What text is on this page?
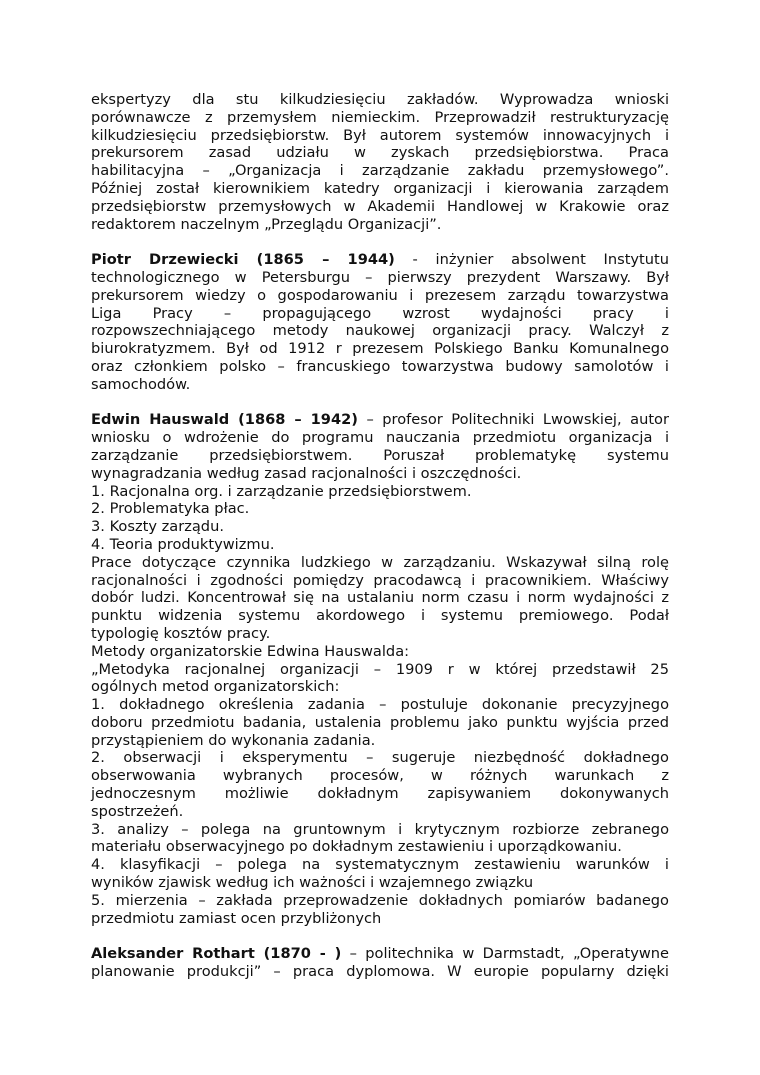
ekspertyzy dla stu kilkudziesięciu zakładów. Wyprowadza wnioski

porównawcze z przemysłem niemieckim. Przeprowadził restrukturyzację

kilkudziesięciu przedsiębiorstw. Był autorem systemów innowacyjnych i

prekursorem zasad udziału w zyskach przedsiębiorstwa. Praca

habilitacyjna – „Organizacja i zarządzanie zakładu przemysłowego”.

Później został kierownikiem katedry organizacji i kierowania zarządem

przedsiębiorstw przemysłowych w Akademii Handlowej w Krakowie oraz

redaktorem naczelnym „Przeglądu Organizacji”.

Piotr Drzewiecki (1865 – 1944) - inżynier absolwent Instytutu

technologicznego w Petersburgu – pierwszy prezydent Warszawy. Był

prekursorem wiedzy o gospodarowaniu i prezesem zarządu towarzystwa

Liga Pracy – propagującego wzrost wydajności pracy i

rozpowszechniającego metody naukowej organizacji pracy. Walczył z

biurokratyzmem. Był od 1912 r prezesem Polskiego Banku Komunalnego

oraz członkiem polsko – francuskiego towarzystwa budowy samolotów i

samochodów.

Edwin Hauswald (1868 – 1942) – profesor Politechniki Lwowskiej, autor

wniosku o wdrożenie do programu nauczania przedmiotu organizacja i

zarządzanie przedsiębiorstwem. Poruszał problematykę systemu

wynagradzania według zasad racjonalności i oszczędności.

1. Racjonalna org. i zarządzanie przedsiębiorstwem.

2. Problematyka płac.

3. Koszty zarządu.

4. Teoria produktywizmu.

Prace dotyczące czynnika ludzkiego w zarządzaniu. Wskazywał silną rolę

racjonalności i zgodności pomiędzy pracodawcą i pracownikiem. Właściwy

dobór ludzi. Koncentrował się na ustalaniu norm czasu i norm wydajności z

punktu widzenia systemu akordowego i systemu premiowego. Podał

typologię kosztów pracy.

Metody organizatorskie Edwina Hauswalda:

„Metodyka racjonalnej organizacji – 1909 r w której przedstawił 25

ogólnych metod organizatorskich:

1. dokładnego określenia zadania – postuluje dokonanie precyzyjnego

doboru przedmiotu badania, ustalenia problemu jako punktu wyjścia przed

przystąpieniem do wykonania zadania.

2. obserwacji i eksperymentu – sugeruje niezbędność dokładnego

obserwowania wybranych procesów, w różnych warunkach z

jednoczesnym możliwie dokładnym zapisywaniem dokonywanych

spostrzeżeń.

3. analizy – polega na gruntownym i krytycznym rozbiorze zebranego

materiału obserwacyjnego po dokładnym zestawieniu i uporządkowaniu.

4. klasyfikacji – polega na systematycznym zestawieniu warunków i

wyników zjawisk według ich ważności i wzajemnego związku

5. mierzenia – zakłada przeprowadzenie dokładnych pomiarów badanego

przedmiotu zamiast ocen przybliżonych

Aleksander Rothart (1870 - ) – politechnika w Darmstadt, „Operatywne

planowanie produkcji” – praca dyplomowa. W europie popularny dzięki
